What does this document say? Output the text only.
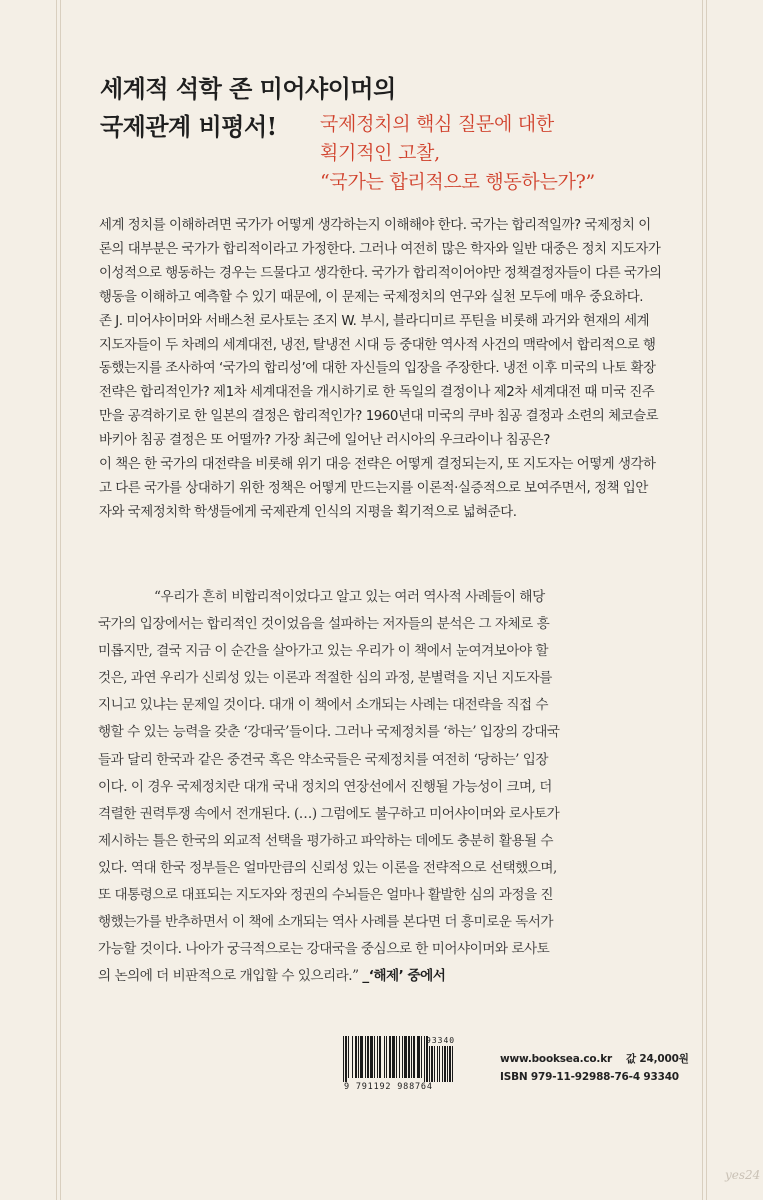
세계적 석학 존 미어샤이머의
국제관계 비평서!	국제정치의 핵심 질문에 대한
획기적인 고찰,
“국가는 합리적으로 행동하는가?”
세계 정치를 이해하려면 국가가 어떻게 생각하는지 이해해야 한다. 국가는 합리적일까? 국제정치 이
론의 대부분은 국가가 합리적이라고 가정한다. 그러나 여전히 많은 학자와 일반 대중은 정치 지도자가
이성적으로 행동하는 경우는 드물다고 생각한다. 국가가 합리적이어야만 정책결정자들이 다른 국가의
행동을 이해하고 예측할 수 있기 때문에, 이 문제는 국제정치의 연구와 실천 모두에 매우 중요하다.
존 J. 미어샤이머와 서배스천 로사토는 조지 W. 부시, 블라디미르 푸틴을 비롯해 과거와 현재의 세계
지도자들이 두 차례의 세계대전, 냉전, 탈냉전 시대 등 중대한 역사적 사건의 맥락에서 합리적으로 행
동했는지를 조사하여 ‘국가의 합리성’에 대한 자신들의 입장을 주장한다. 냉전 이후 미국의 나토 확장
전략은 합리적인가? 제1차 세계대전을 개시하기로 한 독일의 결정이나 제2차 세계대전 때 미국 진주
만을 공격하기로 한 일본의 결정은 합리적인가? 1960년대 미국의 쿠바 침공 결정과 소련의 체코슬로
바키아 침공 결정은 또 어떨까? 가장 최근에 일어난 러시아의 우크라이나 침공은?
이 책은 한 국가의 대전략을 비롯해 위기 대응 전략은 어떻게 결정되는지, 또 지도자는 어떻게 생각하
고 다른 국가를 상대하기 위한 정책은 어떻게 만드는지를 이론적·실증적으로 보여주면서, 정책 입안
자와 국제정치학 학생들에게 국제관계 인식의 지평을 획기적으로 넓혀준다.
“우리가 흔히 비합리적이었다고 알고 있는 여러 역사적 사례들이 해당
국가의 입장에서는 합리적인 것이었음을 설파하는 저자들의 분석은 그 자체로 흥
미롭지만, 결국 지금 이 순간을 살아가고 있는 우리가 이 책에서 눈여겨보아야 할
것은, 과연 우리가 신뢰성 있는 이론과 적절한 심의 과정, 분별력을 지닌 지도자를
지니고 있냐는 문제일 것이다. 대개 이 책에서 소개되는 사례는 대전략을 직접 수
행할 수 있는 능력을 갖춘 ‘강대국’들이다. 그러나 국제정치를 ‘하는’ 입장의 강대국
들과 달리 한국과 같은 중견국 혹은 약소국들은 국제정치를 여전히 ‘당하는’ 입장
이다. 이 경우 국제정치란 대개 국내 정치의 연장선에서 진행될 가능성이 크며, 더
격렬한 권력투쟁 속에서 전개된다. (…) 그럼에도 불구하고 미어샤이머와 로사토가
제시하는 틀은 한국의 외교적 선택을 평가하고 파악하는 데에도 충분히 활용될 수
있다. 역대 한국 정부들은 얼마만큼의 신뢰성 있는 이론을 전략적으로 선택했으며,
또 대통령으로 대표되는 지도자와 정권의 수뇌들은 얼마나 활발한 심의 과정을 진
행했는가를 반추하면서 이 책에 소개되는 역사 사례를 본다면 더 흥미로운 독서가
가능할 것이다. 나아가 궁극적으로는 강대국을 중심으로 한 미어샤이머와 로사토
의 논의에 더 비판적으로 개입할 수 있으리라.” _‘해제’ 중에서
93340
9 791192 988764
www.booksea.co.kr 값 24,000원
ISBN 979-11-92988-76-4 93340
yes24
